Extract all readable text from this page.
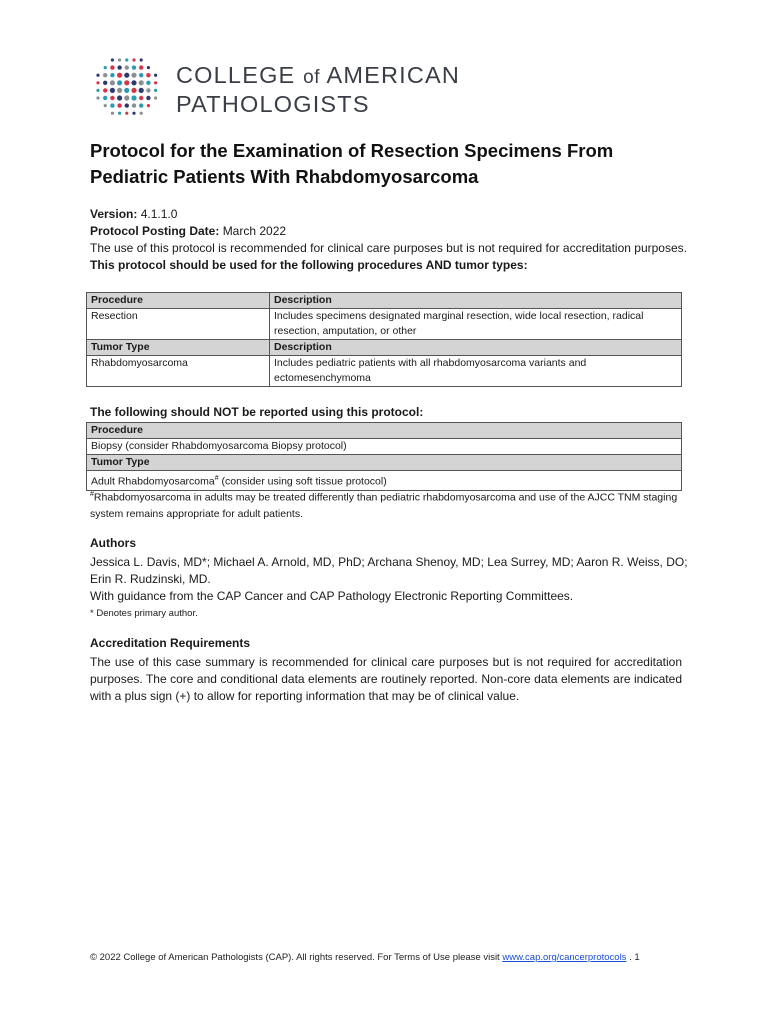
COLLEGE of AMERICAN
PATHOLOGISTS
Protocol for the Examination of Resection Specimens From Pediatric Patients With Rhabdomyosarcoma
Version: 4.1.1.0
Protocol Posting Date: March 2022
The use of this protocol is recommended for clinical care purposes but is not required for accreditation purposes.
This protocol should be used for the following procedures AND tumor types:
Procedure	Description
Resection	Includes specimens designated marginal resection, wide local resection, radical resection, amputation, or other
Tumor Type	Description
Rhabdomyosarcoma	Includes pediatric patients with all rhabdomyosarcoma variants and ectomesenchymoma
The following should NOT be reported using this protocol:
Procedure
Biopsy (consider Rhabdomyosarcoma Biopsy protocol)
Tumor Type
Adult Rhabdomyosarcoma# (consider using soft tissue protocol)
#Rhabdomyosarcoma in adults may be treated differently than pediatric rhabdomyosarcoma and use of the AJCC TNM staging system remains appropriate for adult patients.
Authors
Jessica L. Davis, MD*; Michael A. Arnold, MD, PhD; Archana Shenoy, MD; Lea Surrey, MD; Aaron R. Weiss, DO; Erin R. Rudzinski, MD.
With guidance from the CAP Cancer and CAP Pathology Electronic Reporting Committees.
* Denotes primary author.
Accreditation Requirements

The use of this case summary is recommended for clinical care purposes but is not required for accreditation purposes. The core and conditional data elements are routinely reported. Non-core data elements are indicated with a plus sign (+) to allow for reporting information that may be of clinical value.

© 2022 College of American Pathologists (CAP). All rights reserved. For Terms of Use please visit www.cap.org/cancerprotocols . 1
